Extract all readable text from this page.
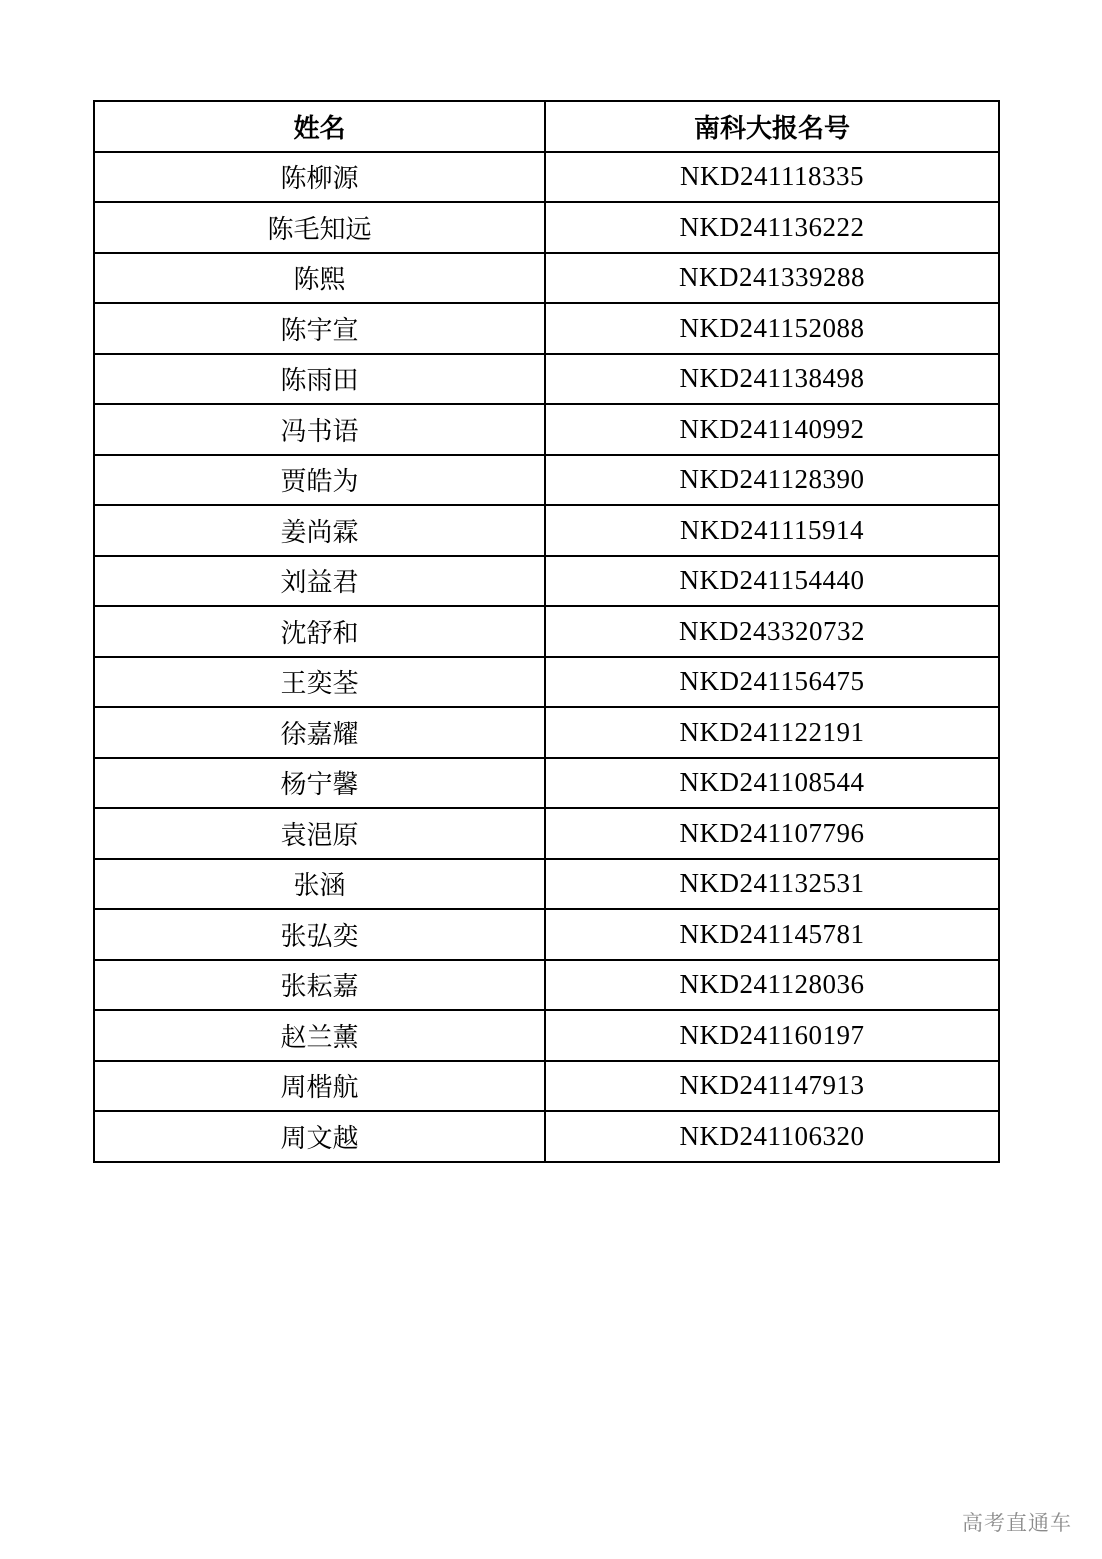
姓名	南科大报名号
陈柳源	NKD241118335
陈毛知远	NKD241136222
陈熙	NKD241339288
陈宇宣	NKD241152088
陈雨田	NKD241138498
冯书语	NKD241140992
贾皓为	NKD241128390
姜尚霖	NKD241115914
刘益君	NKD241154440
沈舒和	NKD243320732
王奕荃	NKD241156475
徐嘉耀	NKD241122191
杨宁馨	NKD241108544
袁浥原	NKD241107796
张涵	NKD241132531
张弘奕	NKD241145781
张耘嘉	NKD241128036
赵兰薰	NKD241160197
周楷航	NKD241147913
周文越	NKD241106320
高考直通车
